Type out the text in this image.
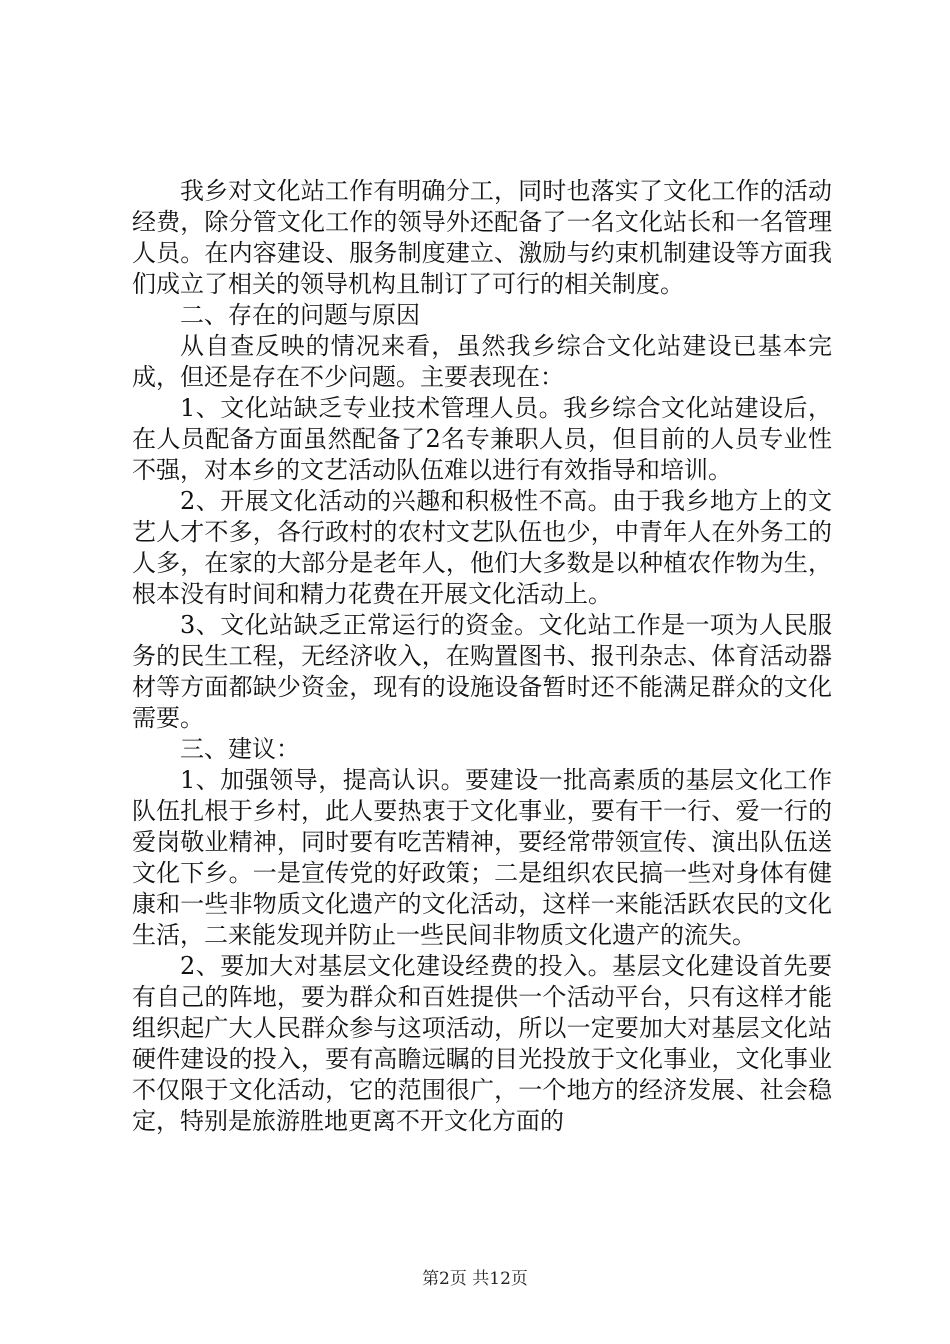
我乡对文化站工作有明确分工，同时也落实了文化工作的活动经费，除分管文化工作的领导外还配备了一名文化站长和一名管理人员。在内容建设、服务制度建立、激励与约束机制建设等方面我们成立了相关的领导机构且制订了可行的相关制度。

二、存在的问题与原因

从自查反映的情况来看，虽然我乡综合文化站建设已基本完成，但还是存在不少问题。主要表现在：

1、文化站缺乏专业技术管理人员。我乡综合文化站建设后，在人员配备方面虽然配备了2名专兼职人员，但目前的人员专业性不强，对本乡的文艺活动队伍难以进行有效指导和培训。

2、开展文化活动的兴趣和积极性不高。由于我乡地方上的文艺人才不多，各行政村的农村文艺队伍也少，中青年人在外务工的人多，在家的大部分是老年人，他们大多数是以种植农作物为生，根本没有时间和精力花费在开展文化活动上。

3、文化站缺乏正常运行的资金。文化站工作是一项为人民服务的民生工程，无经济收入，在购置图书、报刊杂志、体育活动器材等方面都缺少资金，现有的设施设备暂时还不能满足群众的文化需要。

三、建议：

1、加强领导，提高认识。要建设一批高素质的基层文化工作队伍扎根于乡村，此人要热衷于文化事业，要有干一行、爱一行的爱岗敬业精神，同时要有吃苦精神，要经常带领宣传、演出队伍送文化下乡。一是宣传党的好政策；二是组织农民搞一些对身体有健康和一些非物质文化遗产的文化活动，这样一来能活跃农民的文化生活，二来能发现并防止一些民间非物质文化遗产的流失。

2、要加大对基层文化建设经费的投入。基层文化建设首先要有自己的阵地，要为群众和百姓提供一个活动平台，只有这样才能组织起广大人民群众参与这项活动，所以一定要加大对基层文化站硬件建设的投入，要有高瞻远瞩的目光投放于文化事业，文化事业不仅限于文化活动，它的范围很广，一个地方的经济发展、社会稳定，特别是旅游胜地更离不开文化方面的

第2页 共12页
